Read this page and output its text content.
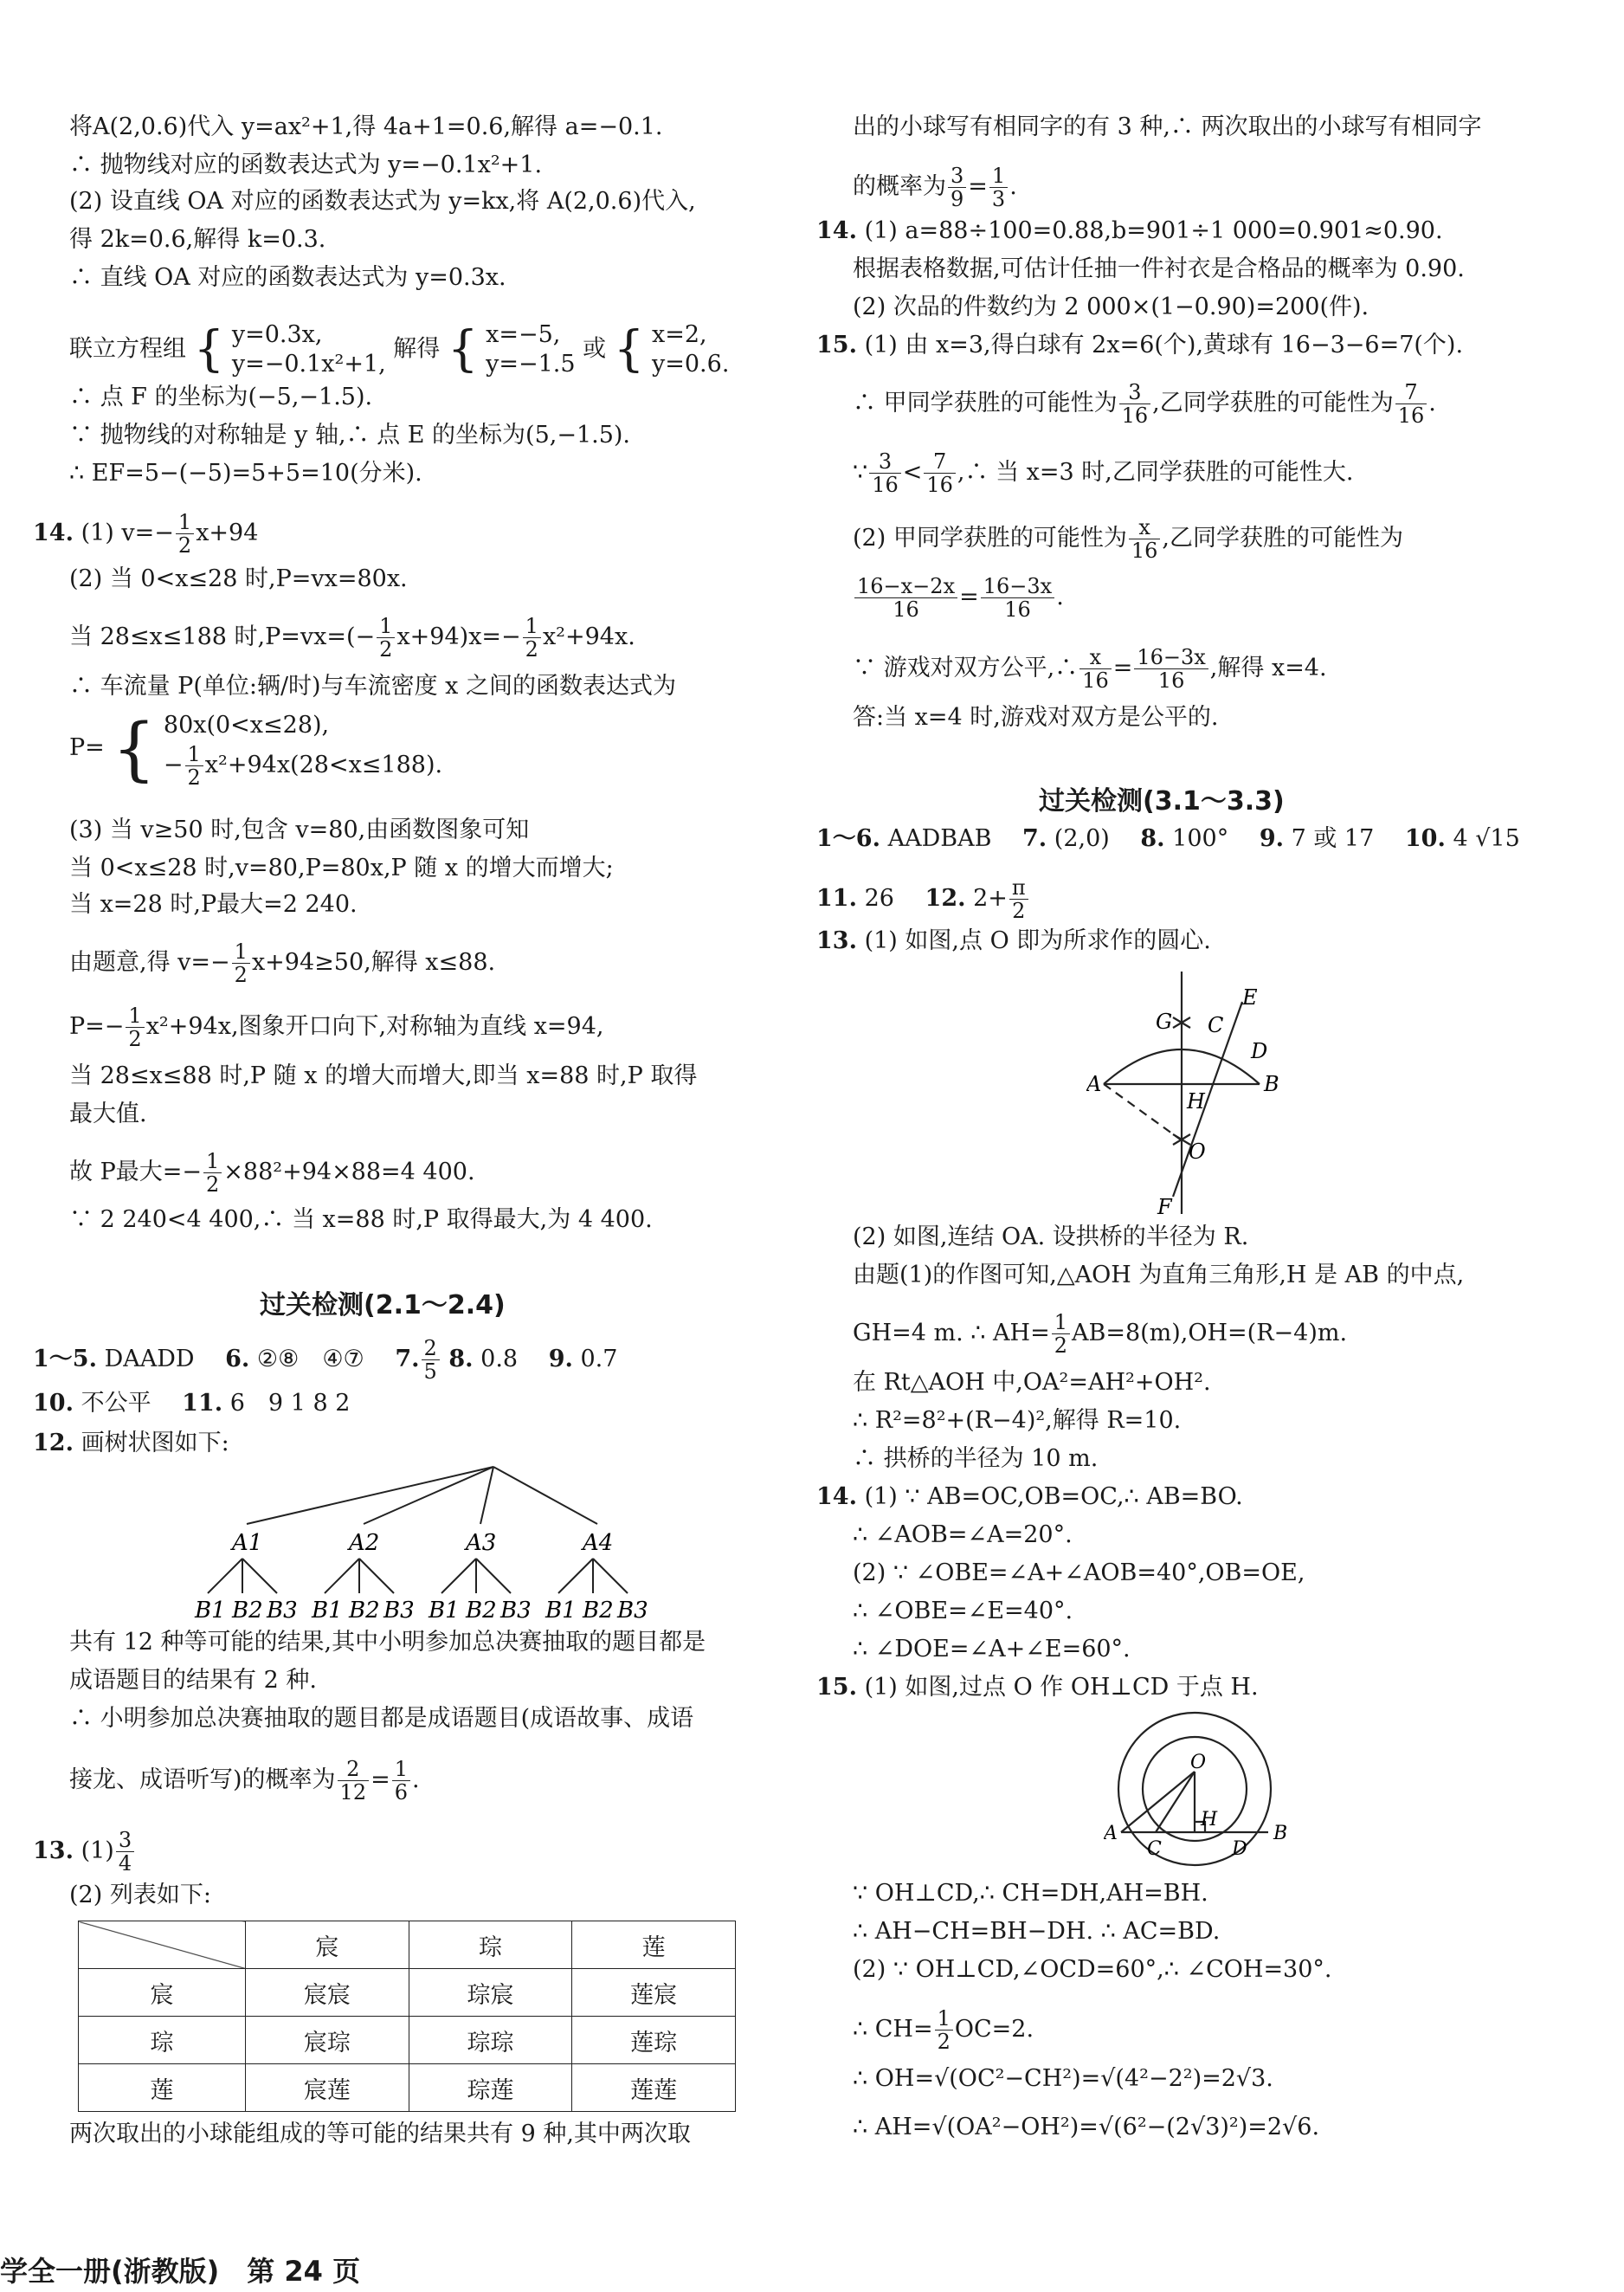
将A(2,0.6)代入 y=ax²+1,得 4a+1=0.6,解得 a=−0.1.
∴ 抛物线对应的函数表达式为 y=−0.1x²+1.
(2) 设直线 OA 对应的函数表达式为 y=kx,将 A(2,0.6)代入,
得 2k=0.6,解得 k=0.3.
∴ 直线 OA 对应的函数表达式为 y=0.3x.
联立方程组 { y=0.3x,
y=−0.1x²+1,
解得 { x=−5,
y=−1.5
或 { x=2,
y=0.6.
∴ 点 F 的坐标为(−5,−1.5).
∵ 抛物线的对称轴是 y 轴,∴ 点 E 的坐标为(5,−1.5).
∴ EF=5−(−5)=5+5=10(分米).
14. (1) $v=- \frac{1}{2} x+94$
(2) 当 0<x≤28 时,P=vx=80x.
当 28≤x≤188 时$,P=vx=(- \frac{1}{2} x+94)x=- \frac{1}{2} x^2+94x$.
∴ 车流量 P(单位:辆/时)与车流密度 x 之间的函数表达式为
P= { 80x(0<x≤28),
− $\frac{1}{2} x^2+94x(28<x\le 188)$.
(3) 当 v≥50 时,包含 v=80,由函数图象可知
当 0<x≤28 时,v=80,P=80x,P 随 x 的增大而增大;
当 x=28 时,P最大=2 240.
由题意,得 $v=- \frac{1}{2} x+94\ge 50$,解得 x≤88.
$P=- \frac{1}{2} x^2+94x$,图象开口向下,对称轴为直线 x=94,
当 28≤x≤88 时,P 随 x 的增大而增大,即当 x=88 时,P 取得
最大值.
故 P最大=− $\frac{1}{2} \times 88^2+94\times 88=4$ 400.
∵ 2 240<4 400,∴ 当 x=88 时,P 取得最大,为 4 400.
过关检测(2.1～2.4)
1～5. DAADD　 6. ②⑧　④⑦　 7. $\frac{2}{5} 8$. 0.8　 9. 0.7
10. 不公平　 11. 6　9 1 8 2
12. 画树状图如下:
A1	A2	A3	A4
B1 B2 B3 B1 B2 B3 B1 B2 B3 B1 B2 B3
共有 12 种等可能的结果,其中小明参加总决赛抽取的题目都是
成语题目的结果有 2 种.
∴ 小明参加总决赛抽取的题目都是成语题目(成语故事、成语
接龙、成语听写)的概率为 $\frac{2}{12} = \frac{1}{6}$ .
13. $(1) \frac{3}{4}$
(2) 列表如下:
	宸	琮	莲
宸	宸宸	琮宸	莲宸
琮	宸琮	琮琮	莲琮
莲	宸莲	琮莲	莲莲
两次取出的小球能组成的等可能的结果共有 9 种,其中两次取
出的小球写有相同字的有 3 种,∴ 两次取出的小球写有相同字
的概率为 $\frac{3}{9} = \frac{1}{3}$ .
14. (1) a=88÷100=0.88,b=901÷1 000=0.901≈0.90.
根据表格数据,可估计任抽一件衬衣是合格品的概率为 0.90.
(2) 次品的件数约为 2 000×(1−0.90)=200(件).
15. (1) 由 x=3,得白球有 2x=6(个),黄球有 16−3−6=7(个).
∴ 甲同学获胜的可能性为 $\frac{3}{16}$ ,乙同学获胜的可能性为 $\frac{7}{16}$ .
∵ $\frac{3}{16} < \frac{7}{16}$ ,∴ 当 x=3 时,乙同学获胜的可能性大.
(2) 甲同学获胜的可能性为 $\frac{x}{16}$ ,乙同学获胜的可能性为
$\frac{16-x-2x}{16} = \frac{16-3x}{16}$ .
∵ 游戏对双方公平,∴ $\frac{x}{16} = \frac{16-3x}{16}$ ,解得 x=4.
答:当 x=4 时,游戏对双方是公平的.
过关检测(3.1～3.3)
1～6. AADBAB　 7. (2,0)　 8. 100°　 9. 7 或 17　 10. 4 √15
11. 26　 12. $2+ \frac{\pi}{2}$
13. (1) 如图,点 O 即为所求作的圆心.
G C
E
D
A
H
B
O
F
(2) 如图,连结 OA. 设拱桥的半径为 R.
由题(1)的作图可知,△AOH 为直角三角形,H 是 AB 的中点,
GH=4 m. ∴ $AH= \frac{1}{2} AB=8(m),OH=(R-4)m$.
在 Rt△AOH 中,OA²=AH²+OH².
∴ R²=8²+(R−4)²,解得 R=10.
∴ 拱桥的半径为 10 m.
14. (1) ∵ AB=OC,OB=OC,∴ AB=BO.
∴ ∠AOB=∠A=20°.
(2) ∵ ∠OBE=∠A+∠AOB=40°,OB=OE,
∴ ∠OBE=∠E=40°.
∴ ∠DOE=∠A+∠E=60°.
15. (1) 如图,过点 O 作 OH⊥CD 于点 H.
O
A
C
H
D
B
∵ OH⊥CD,∴ CH=DH,AH=BH.
∴ AH−CH=BH−DH. ∴ AC=BD.
(2) ∵ OH⊥CD,∠OCD=60°,∴ ∠COH=30°.
∴ $CH= \frac{1}{2} OC=2$.
∴ OH=√(OC²−CH²)=√(4²−2²)=2√3.
∴ AH=√(OA²−OH²)=√(6²−(2√3)²)=2√6.
学全一册(浙教版)　第 24 页
